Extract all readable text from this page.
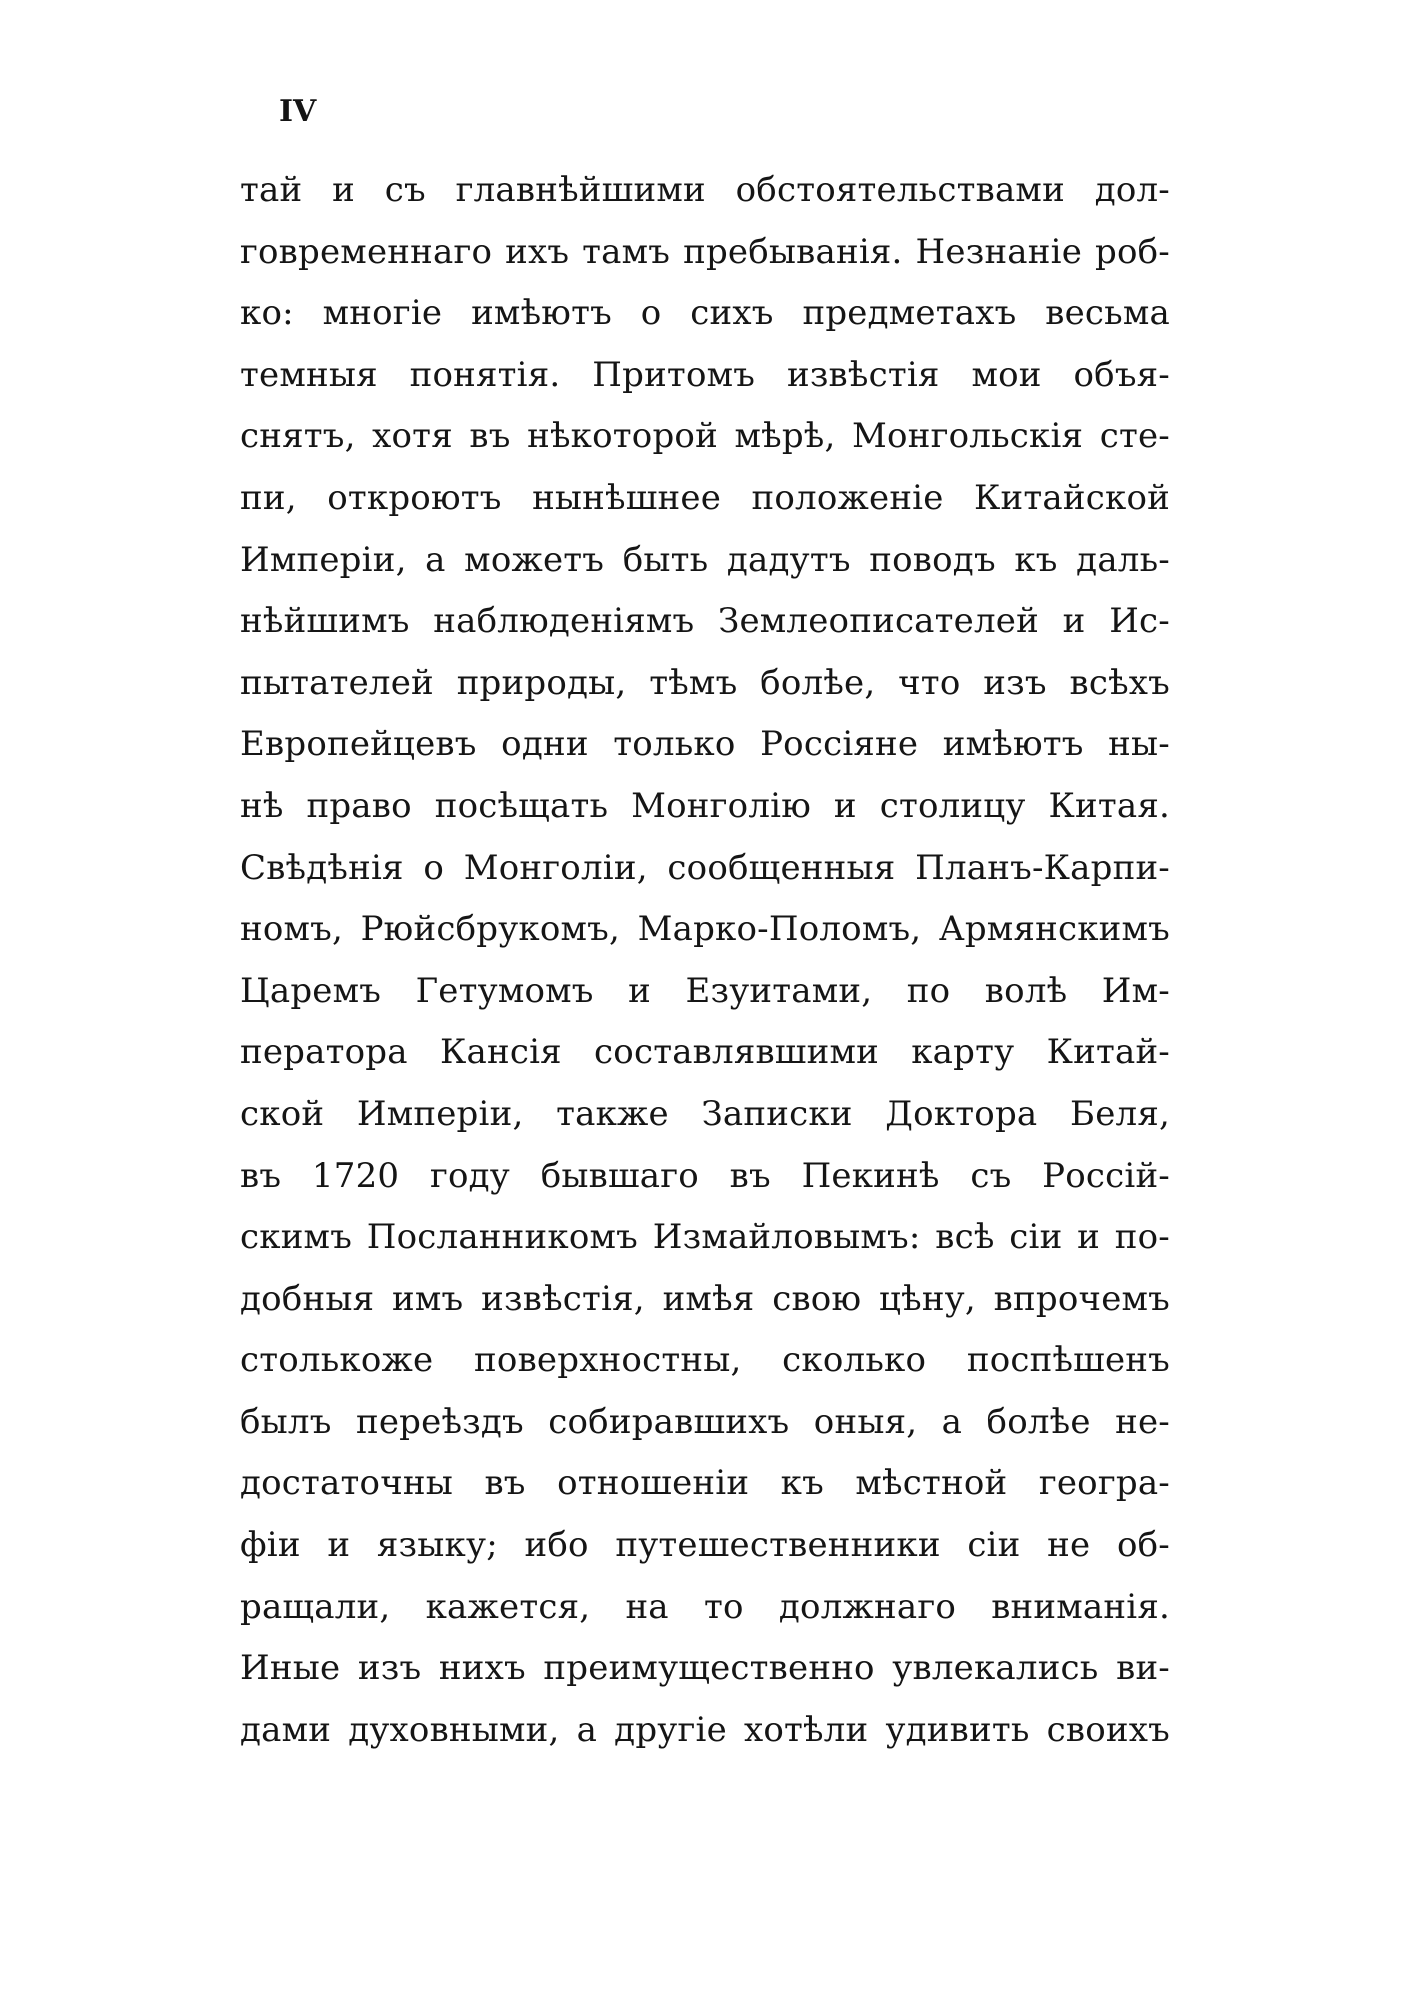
IV
тай и съ главнѣйшими обстоятельствами дол-
говременнаго ихъ тамъ пребыванія. Незнаніе роб-
ко: многіе имѣютъ о сихъ предметахъ весьма
темныя понятія. Притомъ извѣстія мои объя-
снятъ, хотя въ нѣкоторой мѣрѣ, Монгольскія сте-
пи, откроютъ нынѣшнее положеніе Китайской
Имперіи, а можетъ быть дадутъ поводъ къ даль-
нѣйшимъ наблюденіямъ Землеописателей и Ис-
пытателей природы, тѣмъ болѣе, что изъ всѣхъ
Европейцевъ одни только Россіяне имѣютъ ны-
нѣ право посѣщать Монголію и столицу Китая.
Свѣдѣнія о Монголіи, сообщенныя Планъ-Карпи-
номъ, Рюйсбрукомъ, Марко-Поломъ, Армянскимъ
Царемъ Гетумомъ и Езуитами, по волѣ Им-
ператора Кансія составлявшими карту Китай-
ской Имперіи, также Записки Доктора Беля,
въ 1720 году бывшаго въ Пекинѣ съ Россій-
скимъ Посланникомъ Измайловымъ: всѣ сіи и по-
добныя имъ извѣстія, имѣя свою цѣну, впрочемъ
столькоже поверхностны, сколько поспѣшенъ
былъ переѣздъ собиравшихъ оныя, а болѣе не-
достаточны въ отношеніи къ мѣстной геогра-
фіи и языку; ибо путешественники сіи не об-
ращали, кажется, на то должнаго вниманія.
Иные изъ нихъ преимущественно увлекались ви-
дами духовными, а другіе хотѣли удивить своихъ
